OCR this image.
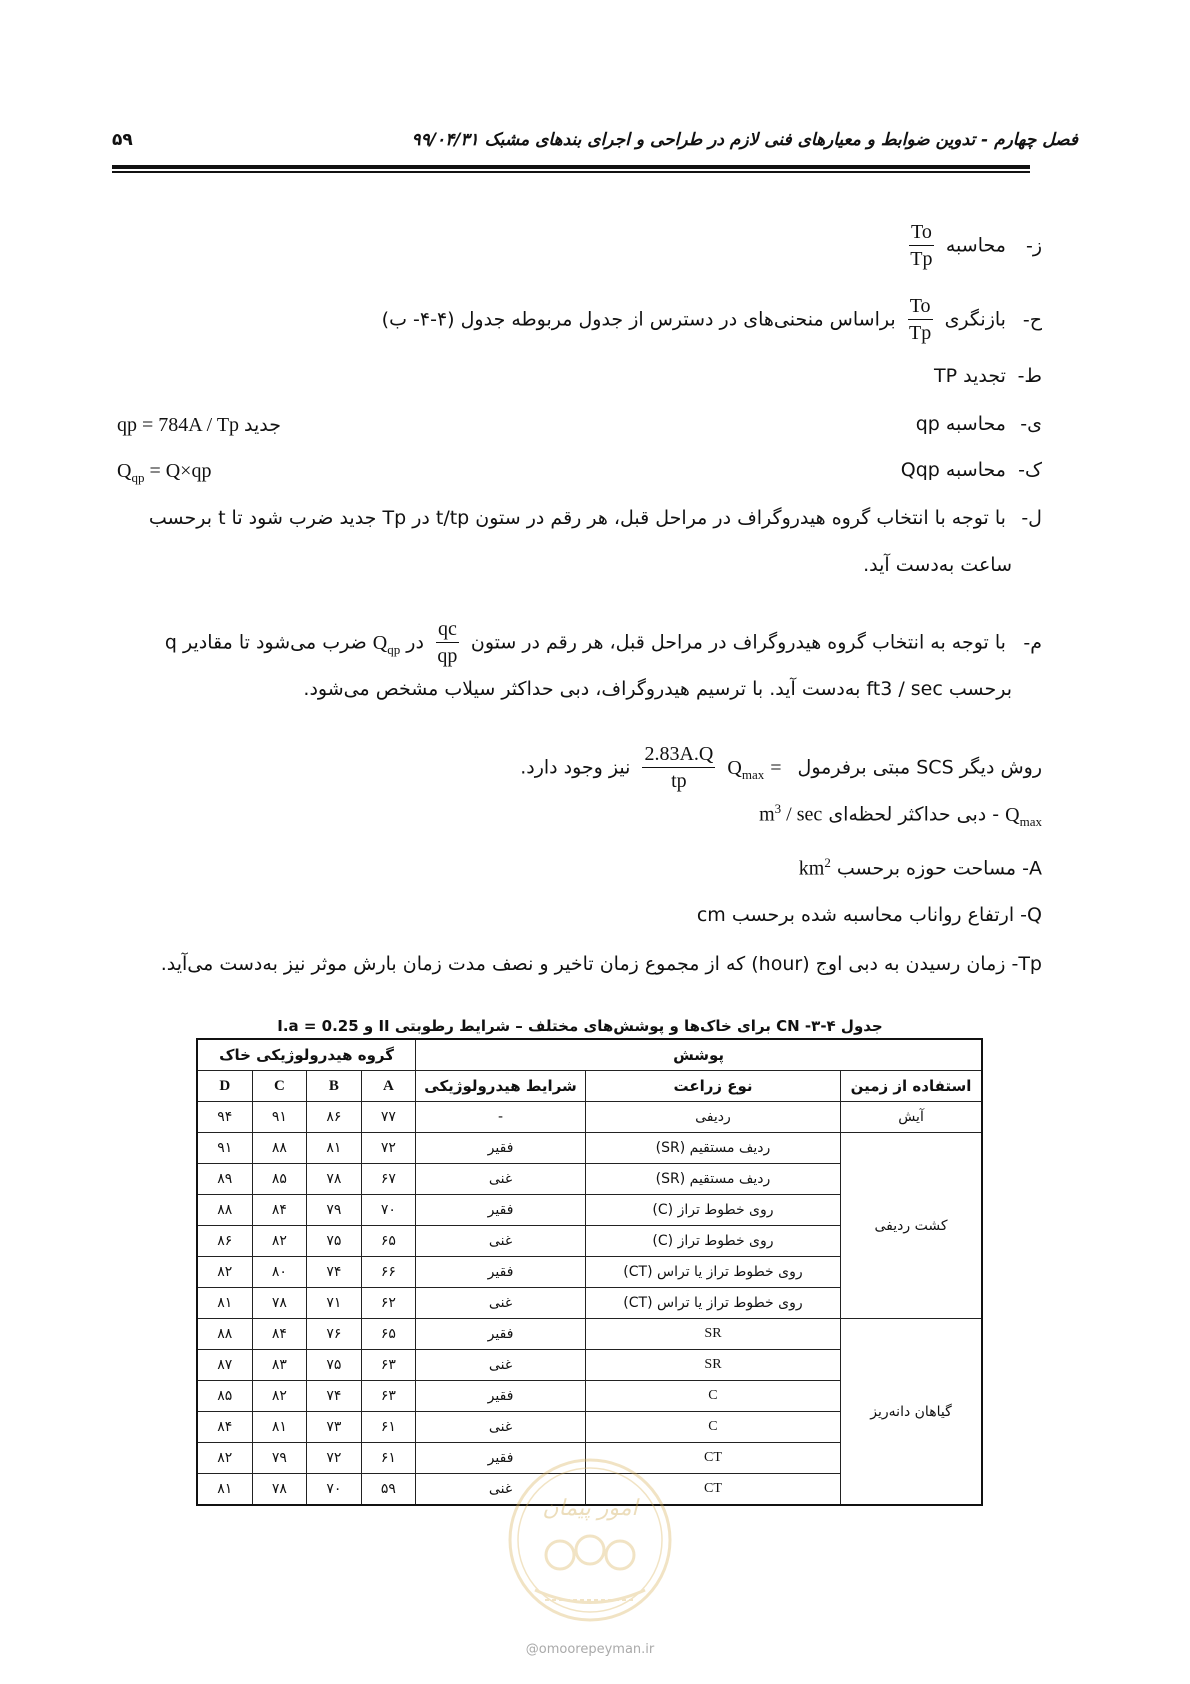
فصل چهارم - تدوین ضوابط و معیارهای فنی لازم در طراحی و اجرای بندهای مشبک ۹۹/۰۴/۳۱
۵۹
ز- محاسبه
$\frac{To}{Tp}$
ح- بازنگری
$\frac{To}{Tp}$
براساس منحنی‌های در دسترس از جدول مربوطه جدول (۴-۴- ب)
ط- تجدید TP
ی- محاسبه qp
qp = 784A / Tp جدید
ک- محاسبه Qqp
$Q_{qp} = Q\times qp$
ل- با توجه با انتخاب گروه هیدروگراف در مراحل قبل، هر رقم در ستون t/tp در Tp جدید ضرب شود تا t برحسب
ساعت به‌دست آید.
م- با توجه به انتخاب گروه هیدروگراف در مراحل قبل، هر رقم در ستون
$\frac{qc}{qp}$
در $Q_{qp}$ ضرب می‌شود تا مقادیر q
برحسب ft3 / sec به‌دست آید. با ترسیم هیدروگراف، دبی حداکثر سیلاب مشخص می‌شود.
روش دیگر SCS مبتی برفرمول $Q_{max}$ =
$\frac{2.83A.Q}{tp}$
نیز وجود دارد.
$Q_{max}$ - دبی حداکثر لحظه‌ای $m^3$ / sec
A- مساحت حوزه برحسب $km^2$
Q- ارتفاع رواناب محاسبه شده برحسب cm
Tp- زمان رسیدن به دبی اوج (hour) که از مجموع زمان تاخیر و نصف مدت زمان بارش موثر نیز به‌دست می‌آید.
جدول ۴-۳- CN برای خاک‌ها و پوشش‌های مختلف – شرایط رطوبتی II و I.a = 0.25
پوشش			گروه هیدرولوژیکی خاک			
استفاده از زمین	نوع زراعت	شرایط هیدرولوژیکی	A	B	C	D
آیش	ردیفی	-	۷۷	۸۶	۹۱	۹۴
کشت ردیفی	ردیف مستقیم (SR)	فقیر	۷۲	۸۱	۸۸	۹۱
	ردیف مستقیم (SR)	غنی	۶۷	۷۸	۸۵	۸۹
	روی خطوط تراز (C)	فقیر	۷۰	۷۹	۸۴	۸۸
	روی خطوط تراز (C)	غنی	۶۵	۷۵	۸۲	۸۶
	روی خطوط تراز یا تراس (CT)	فقیر	۶۶	۷۴	۸۰	۸۲
	روی خطوط تراز یا تراس (CT)	غنی	۶۲	۷۱	۷۸	۸۱
گیاهان دانه‌ریز	SR	فقیر	۶۵	۷۶	۸۴	۸۸
	SR	غنی	۶۳	۷۵	۸۳	۸۷
	C	فقیر	۶۳	۷۴	۸۲	۸۵
	C	غنی	۶۱	۷۳	۸۱	۸۴
	CT	فقیر	۶۱	۷۲	۷۹	۸۲
	CT	غنی	۵۹	۷۰	۷۸	۸۱
امور پیمان
@omoorepeyman.ir
